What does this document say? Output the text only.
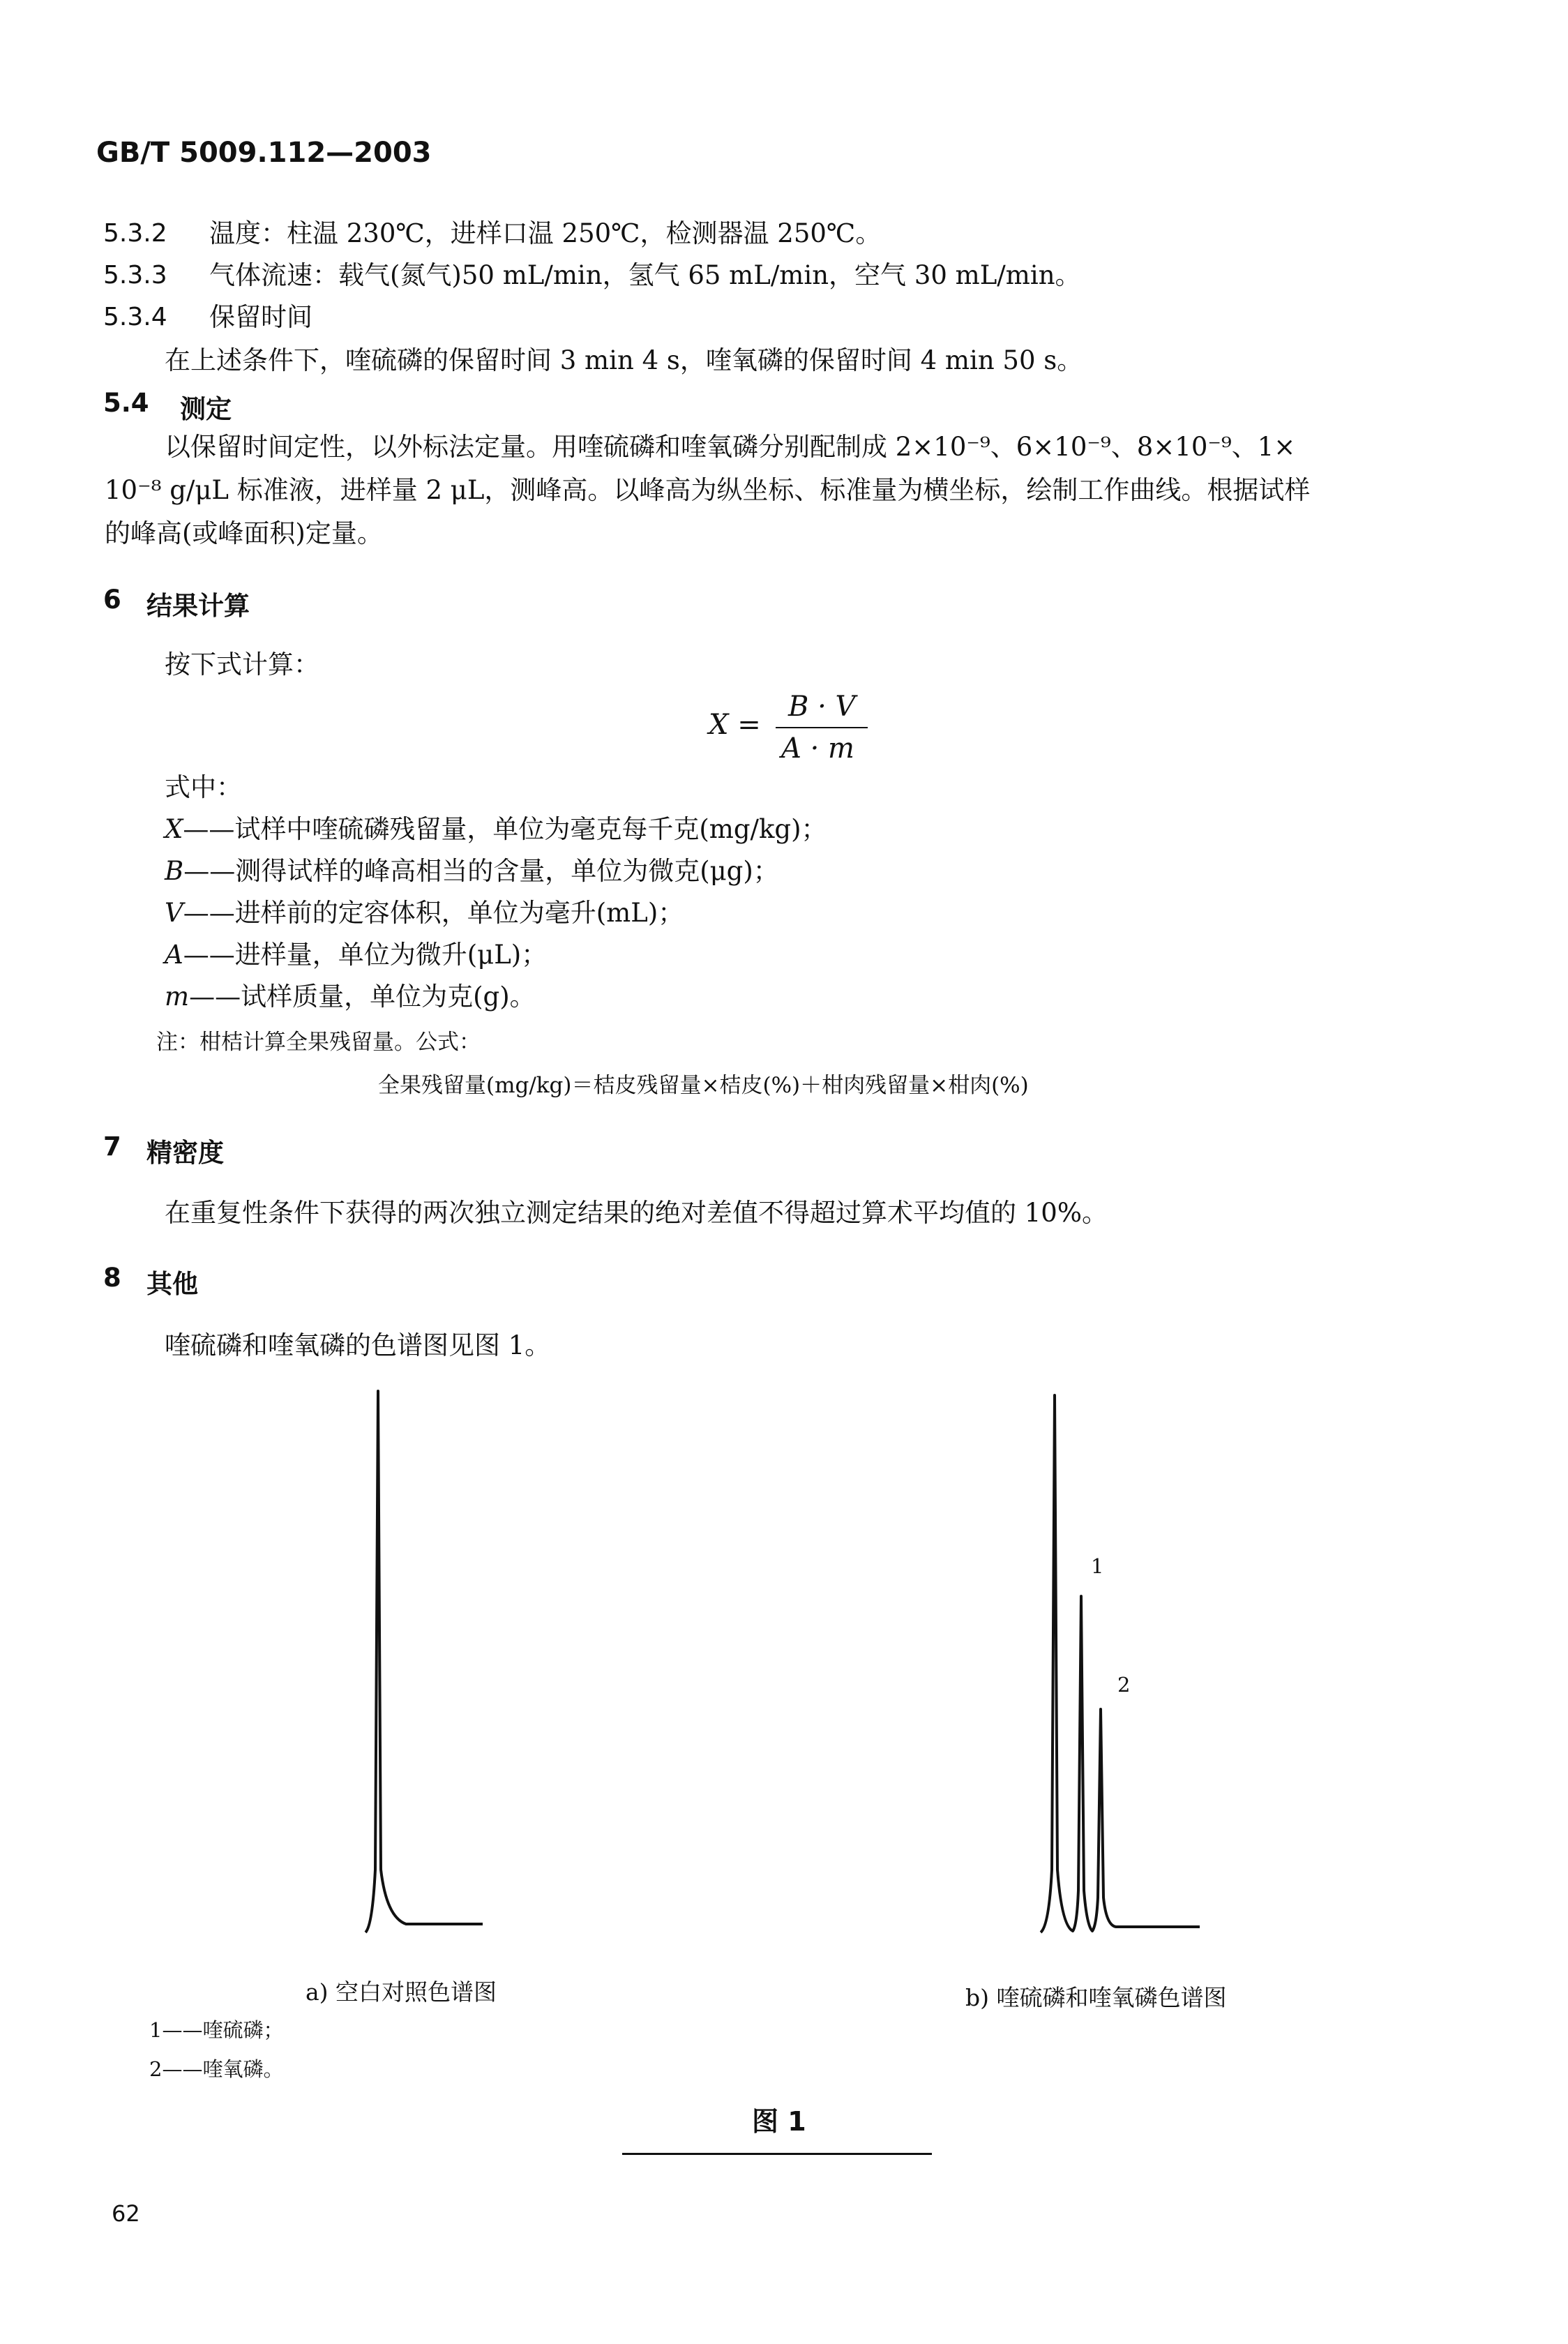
GB/T 5009.112—2003
5.3.2 温度：柱温 230℃，进样口温 250℃，检测器温 250℃。
5.3.3 气体流速：载气(氮气)50 mL/min，氢气 65 mL/min，空气 30 mL/min。
5.3.4 保留时间
在上述条件下，喹硫磷的保留时间 3 min 4 s，喹氧磷的保留时间 4 min 50 s。
5.4 测定
以保留时间定性，以外标法定量。用喹硫磷和喹氧磷分别配制成 2×10⁻⁹、6×10⁻⁹、8×10⁻⁹、1×
10⁻⁸ g/μL 标准液，进样量 2 μL，测峰高。以峰高为纵坐标、标准量为横坐标，绘制工作曲线。根据试样
的峰高(或峰面积)定量。
6 结果计算
按下式计算：
X =
B · V
A · m
式中：
X——试样中喹硫磷残留量，单位为毫克每千克(mg/kg)；
B——测得试样的峰高相当的含量，单位为微克(μg)；
V——进样前的定容体积，单位为毫升(mL)；
A——进样量，单位为微升(μL)；
m——试样质量，单位为克(g)。
注：柑桔计算全果残留量。公式：
全果残留量(mg/kg)＝桔皮残留量×桔皮(%)＋柑肉残留量×柑肉(%)
7 精密度
在重复性条件下获得的两次独立测定结果的绝对差值不得超过算术平均值的 10%。
8 其他
喹硫磷和喹氧磷的色谱图见图 1。
1
2
a) 空白对照色谱图	b) 喹硫磷和喹氧磷色谱图
1——喹硫磷；
2——喹氧磷。
图 1
62
